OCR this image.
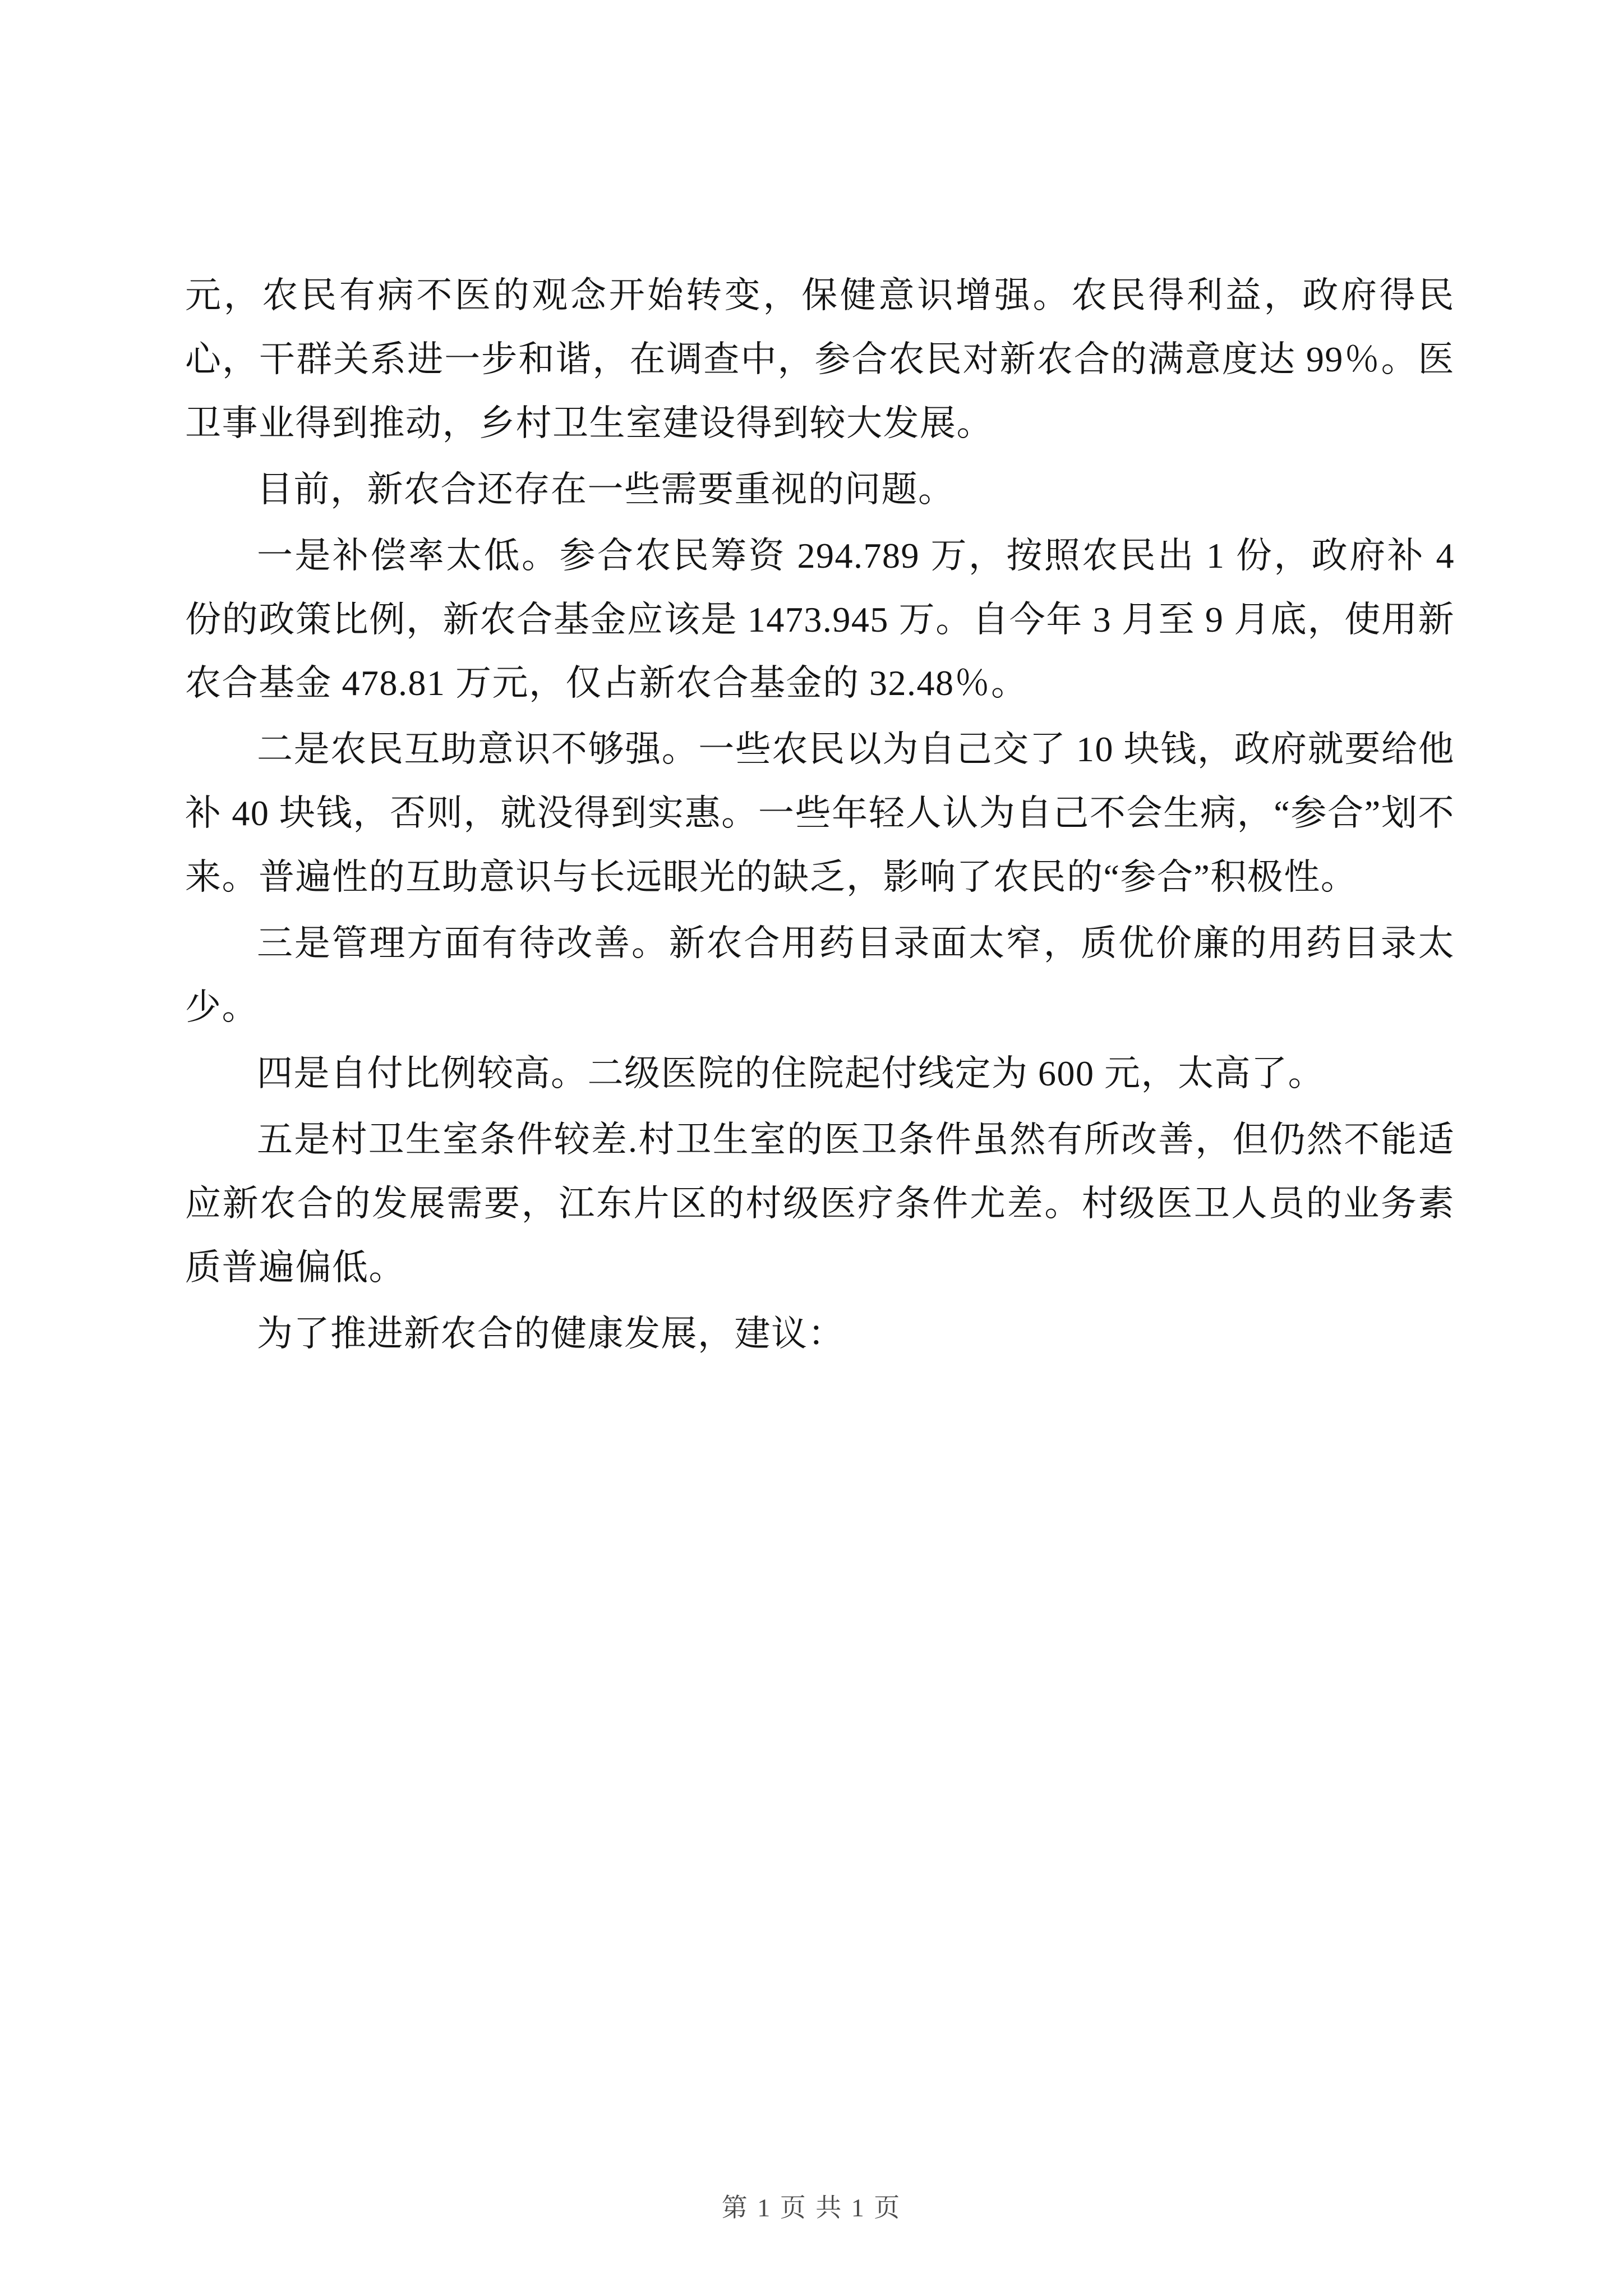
元，农民有病不医的观念开始转变，保健意识增强。农民得利益，政府得民心，干群关系进一步和谐，在调查中，参合农民对新农合的满意度达 99％。医卫事业得到推动，乡村卫生室建设得到较大发展。

目前，新农合还存在一些需要重视的问题。

一是补偿率太低。参合农民筹资 294.789 万，按照农民出 1 份，政府补 4 份的政策比例，新农合基金应该是 1473.945 万。自今年 3 月至 9 月底，使用新农合基金 478.81 万元，仅占新农合基金的 32.48％。

二是农民互助意识不够强。一些农民以为自己交了 10 块钱，政府就要给他补 40 块钱，否则，就没得到实惠。一些年轻人认为自己不会生病，“参合”划不来。普遍性的互助意识与长远眼光的缺乏，影响了农民的“参合”积极性。

三是管理方面有待改善。新农合用药目录面太窄，质优价廉的用药目录太少。

四是自付比例较高。二级医院的住院起付线定为 600 元，太高了。

五是村卫生室条件较差.村卫生室的医卫条件虽然有所改善，但仍然不能适应新农合的发展需要，江东片区的村级医疗条件尤差。村级医卫人员的业务素质普遍偏低。

为了推进新农合的健康发展，建议：

第 1 页 共 1 页
